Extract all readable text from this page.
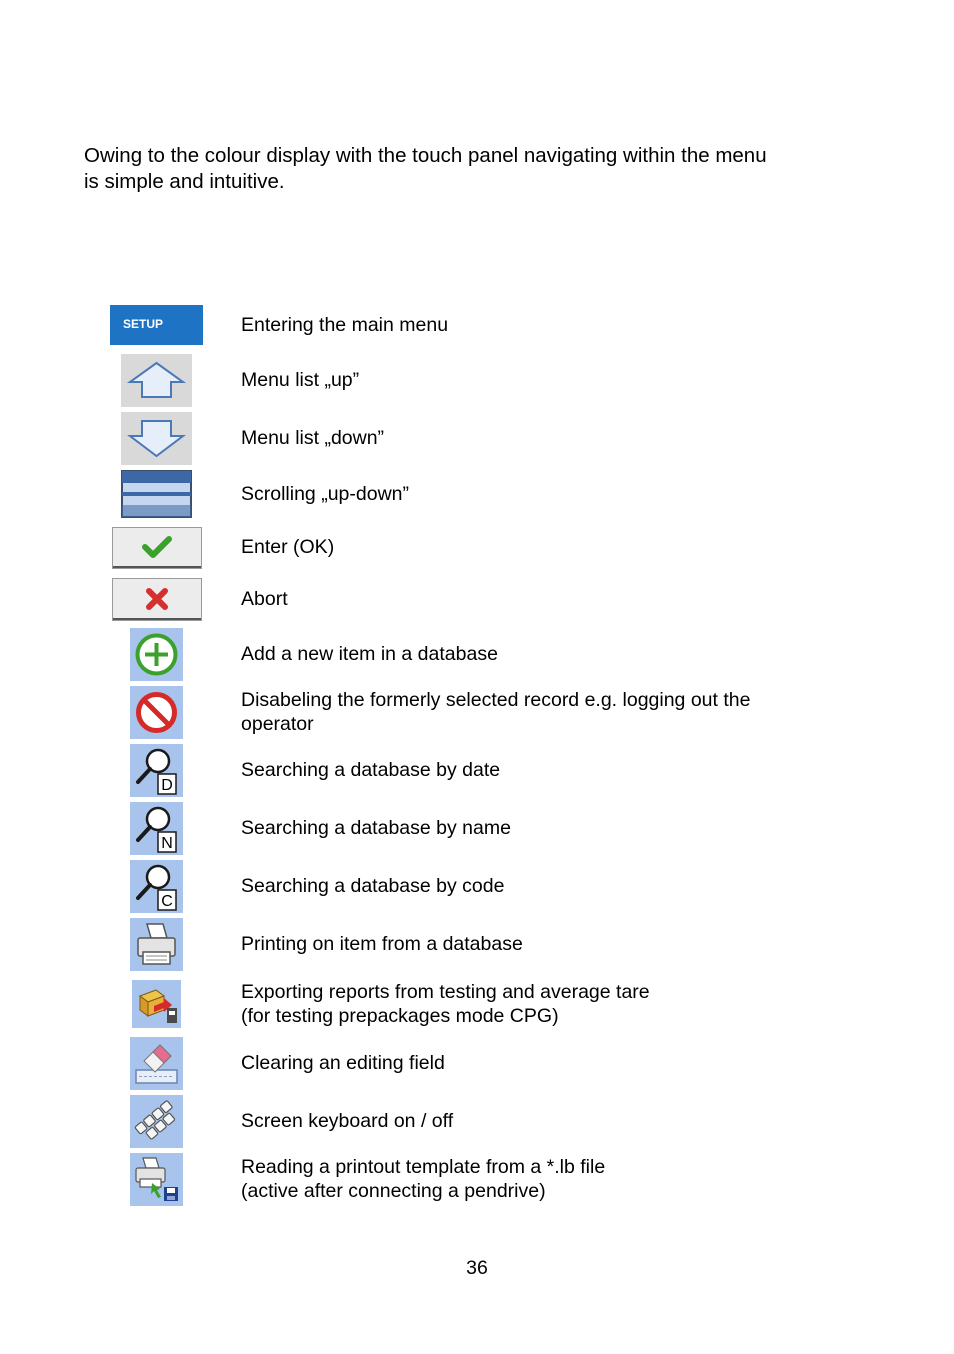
Owing to the colour display with the touch panel navigating within the menu
is simple and intuitive.

SETUP	Entering the main menu
Menu list „up”
Menu list „down”
Scrolling „up-down”
Enter (OK)
Abort
Add a new item in a database
Disabeling the formerly selected record e.g. logging out the
operator
D
Searching a database by date
N
Searching a database by name
C
Searching a database by code
Printing on item from a database
Exporting reports from testing and average tare
(for testing prepackages mode CPG)
Clearing an editing field
Screen keyboard on / off
Reading a printout template from a *.lb file
(active after connecting a pendrive)
36
